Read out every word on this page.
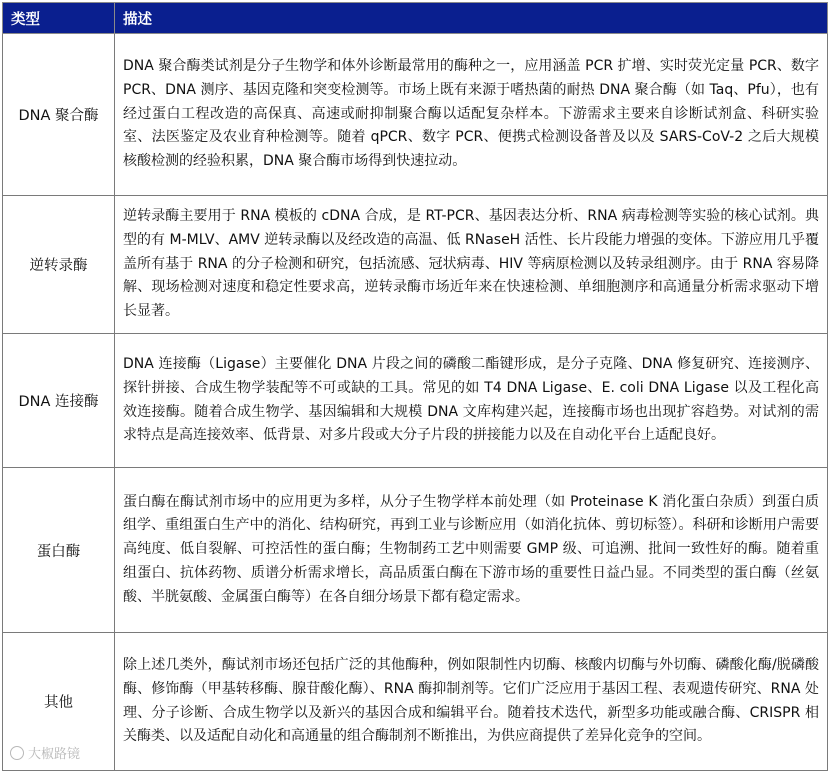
类型	描述
DNA 聚合酶	DNA 聚合酶类试剂是分子生物学和体外诊断最常用的酶种之一，应用涵盖 PCR 扩增、实时荧光定量 PCR、数字 PCR、DNA 测序、基因克隆和突变检测等。市场上既有来源于嗜热菌的耐热 DNA 聚合酶（如 Taq、Pfu），也有经过蛋白工程改造的高保真、高速或耐抑制聚合酶以适配复杂样本。下游需求主要来自诊断试剂盒、科研实验室、法医鉴定及农业育种检测等。随着 qPCR、数字 PCR、便携式检测设备普及以及 SARS-CoV-2 之后大规模核酸检测的经验积累，DNA 聚合酶市场得到快速拉动。
逆转录酶	逆转录酶主要用于 RNA 模板的 cDNA 合成，是 RT-PCR、基因表达分析、RNA 病毒检测等实验的核心试剂。典型的有 M-MLV、AMV 逆转录酶以及经改造的高温、低 RNaseH 活性、长片段能力增强的变体。下游应用几乎覆盖所有基于 RNA 的分子检测和研究，包括流感、冠状病毒、HIV 等病原检测以及转录组测序。由于 RNA 容易降解、现场检测对速度和稳定性要求高，逆转录酶市场近年来在快速检测、单细胞测序和高通量分析需求驱动下增长显著。
DNA 连接酶	DNA 连接酶（Ligase）主要催化 DNA 片段之间的磷酸二酯键形成，是分子克隆、DNA 修复研究、连接测序、探针拼接、合成生物学装配等不可或缺的工具。常见的如 T4 DNA Ligase、E. coli DNA Ligase 以及工程化高效连接酶。随着合成生物学、基因编辑和大规模 DNA 文库构建兴起，连接酶市场也出现扩容趋势。对试剂的需求特点是高连接效率、低背景、对多片段或大分子片段的拼接能力以及在自动化平台上适配良好。
蛋白酶	蛋白酶在酶试剂市场中的应用更为多样，从分子生物学样本前处理（如 Proteinase K 消化蛋白杂质）到蛋白质组学、重组蛋白生产中的消化、结构研究，再到工业与诊断应用（如消化抗体、剪切标签）。科研和诊断用户需要高纯度、低自裂解、可控活性的蛋白酶；生物制药工艺中则需要 GMP 级、可追溯、批间一致性好的酶。随着重组蛋白、抗体药物、质谱分析需求增长，高品质蛋白酶在下游市场的重要性日益凸显。不同类型的蛋白酶（丝氨酸、半胱氨酸、金属蛋白酶等）在各自细分场景下都有稳定需求。
其他	除上述几类外，酶试剂市场还包括广泛的其他酶种，例如限制性内切酶、核酸内切酶与外切酶、磷酸化酶/脱磷酸酶、修饰酶（甲基转移酶、腺苷酸化酶）、RNA 酶抑制剂等。它们广泛应用于基因工程、表观遗传研究、RNA 处理、分子诊断、合成生物学以及新兴的基因合成和编辑平台。随着技术迭代，新型多功能或融合酶、CRISPR 相关酶类、以及适配自动化和高通量的组合酶制剂不断推出，为供应商提供了差异化竞争的空间。
大椒路镜
